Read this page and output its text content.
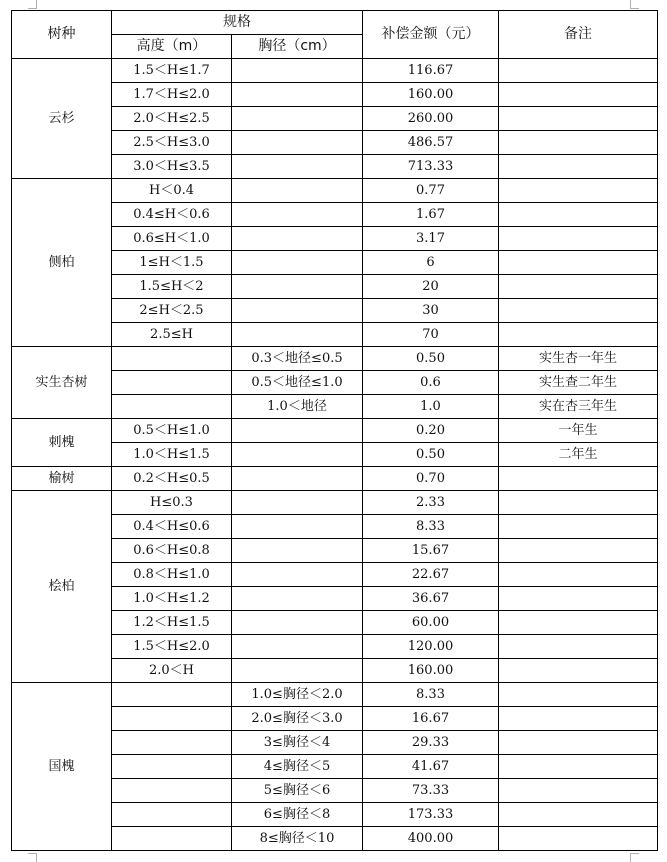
树种	规格		补偿金额（元）	备注
	高度（m）	胸径（cm）		
云杉	1.5＜H≤1.7		116.67	
	1.7＜H≤2.0		160.00	
	2.0＜H≤2.5		260.00	
	2.5＜H≤3.0		486.57	
	3.0＜H≤3.5		713.33	
侧柏	H＜0.4		0.77	
	0.4≤H＜0.6		1.67	
	0.6≤H＜1.0		3.17	
	1≤H＜1.5		6	
	1.5≤H＜2		20	
	2≤H＜2.5		30	
	2.5≤H		70	
实生杏树		0.3＜地径≤0.5	0.50	实生杏一年生
		0.5＜地径≤1.0	0.6	实生查二年生
		1.0＜地径	1.0	实在杏三年生
刺槐	0.5＜H≤1.0		0.20	一年生
	1.0＜H≤1.5		0.50	二年生
榆树	0.2＜H≤0.5		0.70	
桧柏	H≤0.3		2.33	
	0.4＜H≤0.6		8.33	
	0.6＜H≤0.8		15.67	
	0.8＜H≤1.0		22.67	
	1.0＜H≤1.2		36.67	
	1.2＜H≤1.5		60.00	
	1.5＜H≤2.0		120.00	
	2.0＜H		160.00	
国槐		1.0≤胸径＜2.0	8.33	
		2.0≤胸径＜3.0	16.67	
		3≤胸径＜4	29.33	
		4≤胸径＜5	41.67	
		5≤胸径＜6	73.33	
		6≤胸径＜8	173.33	
		8≤胸径＜10	400.00	
